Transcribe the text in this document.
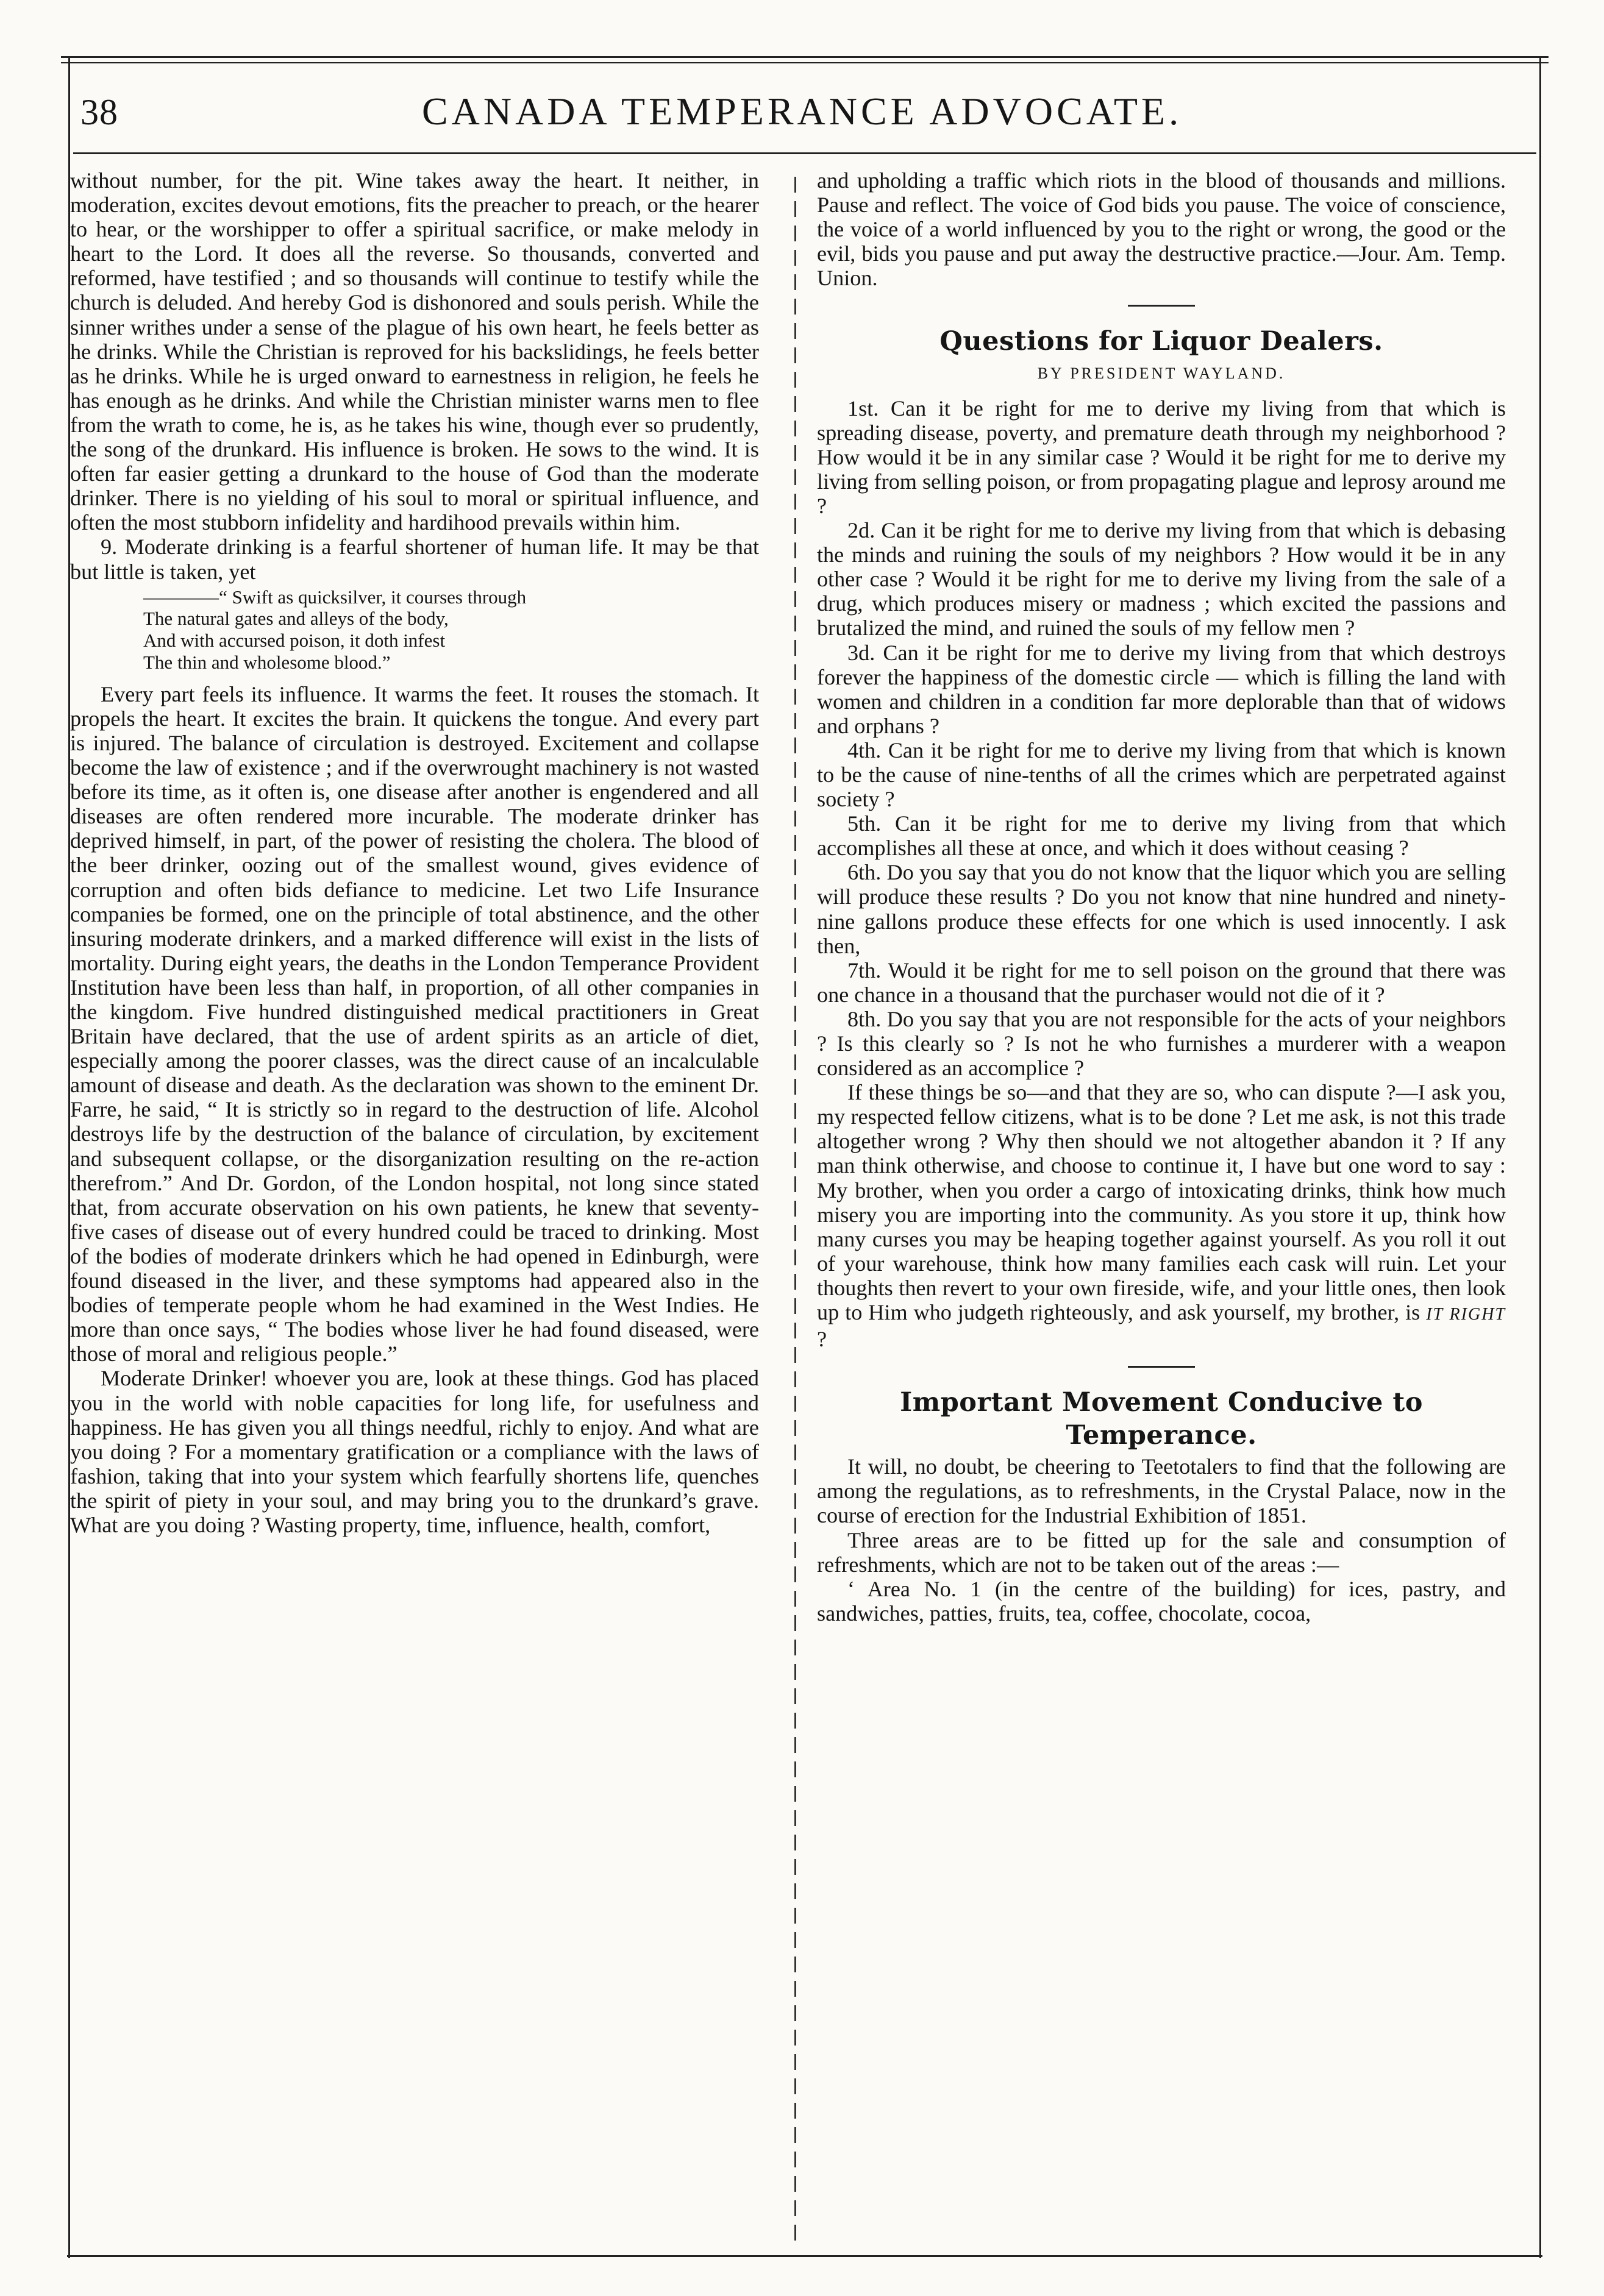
38	CANADA TEMPERANCE ADVOCATE.

without number, for the pit. Wine takes away the heart. It neither, in moderation, excites devout emotions, fits the preacher to preach, or the hearer to hear, or the worshipper to offer a spiritual sacrifice, or make melody in heart to the Lord. It does all the reverse. So thousands, converted and reformed, have testified ; and so thousands will continue to testify while the church is deluded. And hereby God is dishonored and souls perish. While the sinner writhes under a sense of the plague of his own heart, he feels better as he drinks. While the Christian is reproved for his backslidings, he feels better as he drinks. While he is urged onward to earnestness in religion, he feels he has enough as he drinks. And while the Christian minister warns men to flee from the wrath to come, he is, as he takes his wine, though ever so prudently, the song of the drunkard. His influence is broken. He sows to the wind. It is often far easier getting a drunkard to the house of God than the moderate drinker. There is no yielding of his soul to moral or spiritual influence, and often the most stubborn infidelity and hardihood prevails within him.

9. Moderate drinking is a fearful shortener of human life. It may be that but little is taken, yet

————“ Swift as quicksilver, it courses through
The natural gates and alleys of the body,
And with accursed poison, it doth infest
The thin and wholesome blood.”

Every part feels its influence. It warms the feet. It rouses the stomach. It propels the heart. It excites the brain. It quickens the tongue. And every part is injured. The balance of circulation is destroyed. Excitement and collapse become the law of existence ; and if the overwrought machinery is not wasted before its time, as it often is, one disease after another is engendered and all diseases are often rendered more incurable. The moderate drinker has deprived himself, in part, of the power of resisting the cholera. The blood of the beer drinker, oozing out of the smallest wound, gives evidence of corruption and often bids defiance to medicine. Let two Life Insurance companies be formed, one on the principle of total abstinence, and the other insuring moderate drinkers, and a marked difference will exist in the lists of mortality. During eight years, the deaths in the London Temperance Provident Institution have been less than half, in proportion, of all other companies in the kingdom. Five hundred distinguished medical practitioners in Great Britain have declared, that the use of ardent spirits as an article of diet, especially among the poorer classes, was the direct cause of an incalculable amount of disease and death. As the declaration was shown to the eminent Dr. Farre, he said, “ It is strictly so in regard to the destruction of life. Alcohol destroys life by the destruction of the balance of circulation, by excitement and subsequent collapse, or the disorganization resulting on the re-action therefrom.” And Dr. Gordon, of the London hospital, not long since stated that, from accurate observation on his own patients, he knew that seventy-five cases of disease out of every hundred could be traced to drinking. Most of the bodies of moderate drinkers which he had opened in Edinburgh, were found diseased in the liver, and these symptoms had appeared also in the bodies of temperate people whom he had examined in the West Indies. He more than once says, “ The bodies whose liver he had found diseased, were those of moral and religious people.”

Moderate Drinker! whoever you are, look at these things. God has placed you in the world with noble capacities for long life, for usefulness and happiness. He has given you all things needful, richly to enjoy. And what are you doing ? For a momentary gratification or a compliance with the laws of fashion, taking that into your system which fearfully shortens life, quenches the spirit of piety in your soul, and may bring you to the drunkard’s grave. What are you doing ? Wasting property, time, influence, health, comfort,

and upholding a traffic which riots in the blood of thousands and millions. Pause and reflect. The voice of God bids you pause. The voice of conscience, the voice of a world influenced by you to the right or wrong, the good or the evil, bids you pause and put away the destructive practice.—Jour. Am. Temp. Union.

Questions for Liquor Dealers.
BY PRESIDENT WAYLAND.

1st. Can it be right for me to derive my living from that which is spreading disease, poverty, and premature death through my neighborhood ? How would it be in any similar case ? Would it be right for me to derive my living from selling poison, or from propagating plague and leprosy around me ?

2d. Can it be right for me to derive my living from that which is debasing the minds and ruining the souls of my neighbors ? How would it be in any other case ? Would it be right for me to derive my living from the sale of a drug, which produces misery or madness ; which excited the passions and brutalized the mind, and ruined the souls of my fellow men ?

3d. Can it be right for me to derive my living from that which destroys forever the happiness of the domestic circle — which is filling the land with women and children in a condition far more deplorable than that of widows and orphans ?

4th. Can it be right for me to derive my living from that which is known to be the cause of nine-tenths of all the crimes which are perpetrated against society ?

5th. Can it be right for me to derive my living from that which accomplishes all these at once, and which it does without ceasing ?

6th. Do you say that you do not know that the liquor which you are selling will produce these results ? Do you not know that nine hundred and ninety-nine gallons produce these effects for one which is used innocently. I ask then,

7th. Would it be right for me to sell poison on the ground that there was one chance in a thousand that the purchaser would not die of it ?

8th. Do you say that you are not responsible for the acts of your neighbors ? Is this clearly so ? Is not he who furnishes a murderer with a weapon considered as an accomplice ?

If these things be so—and that they are so, who can dispute ?—I ask you, my respected fellow citizens, what is to be done ? Let me ask, is not this trade altogether wrong ? Why then should we not altogether abandon it ? If any man think otherwise, and choose to continue it, I have but one word to say : My brother, when you order a cargo of intoxicating drinks, think how much misery you are importing into the community. As you store it up, think how many curses you may be heaping together against yourself. As you roll it out of your warehouse, think how many families each cask will ruin. Let your thoughts then revert to your own fireside, wife, and your little ones, then look up to Him who judgeth righteously, and ask yourself, my brother, is IT RIGHT ?

Important Movement Conducive to Temperance.

It will, no doubt, be cheering to Teetotalers to find that the following are among the regulations, as to refreshments, in the Crystal Palace, now in the course of erection for the Industrial Exhibition of 1851.

Three areas are to be fitted up for the sale and consumption of refreshments, which are not to be taken out of the areas :—

‘ Area No. 1 (in the centre of the building) for ices, pastry, and sandwiches, patties, fruits, tea, coffee, chocolate, cocoa,
